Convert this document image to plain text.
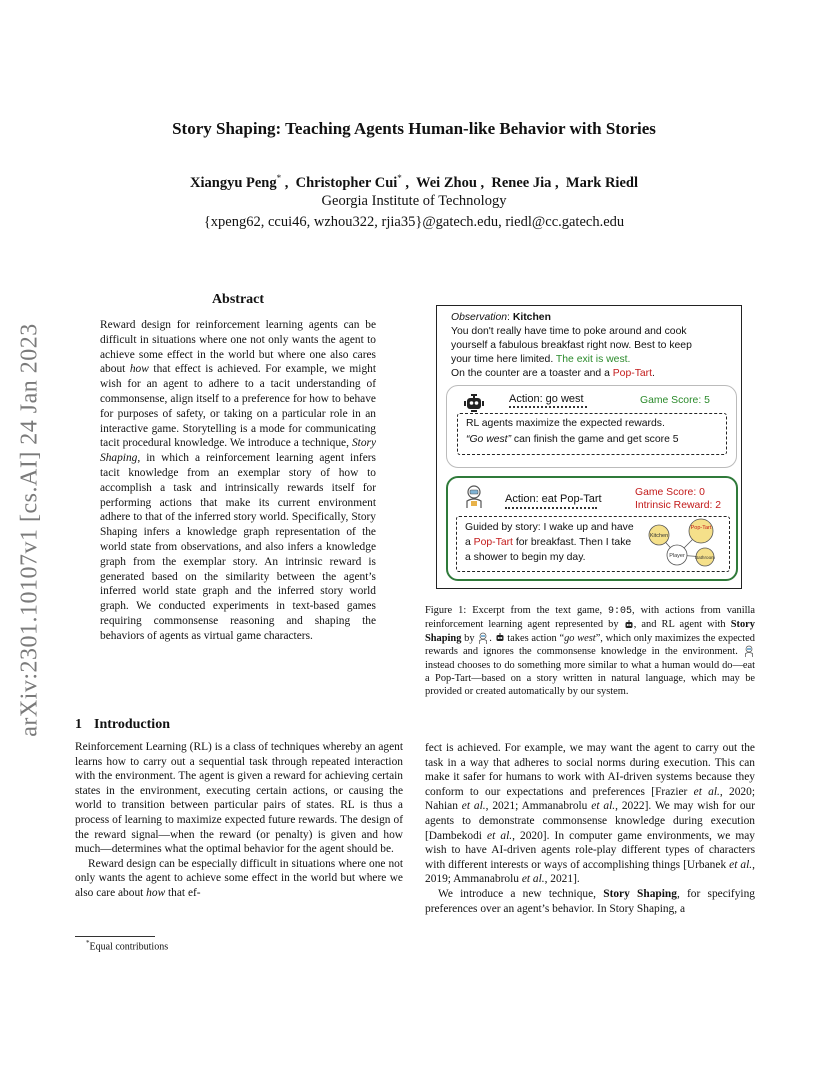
Story Shaping: Teaching Agents Human-like Behavior with Stories
Xiangyu Peng* ,  Christopher Cui* ,  Wei Zhou ,  Renee Jia ,  Mark Riedl
Georgia Institute of Technology
{xpeng62, ccui46, wzhou322, rjia35}@gatech.edu, riedl@cc.gatech.edu
arXiv:2301.10107v1 [cs.AI] 24 Jan 2023
Abstract
Reward design for reinforcement learning agents can be difficult in situations where one not only wants the agent to achieve some effect in the world but where one also cares about how that effect is achieved. For example, we might wish for an agent to adhere to a tacit understanding of commonsense, align itself to a preference for how to behave for purposes of safety, or taking on a particular role in an interactive game. Storytelling is a mode for communicating tacit procedural knowledge. We introduce a technique, Story Shaping, in which a reinforcement learning agent infers tacit knowledge from an exemplar story of how to accomplish a task and intrinsically rewards itself for performing actions that make its current environment adhere to that of the inferred story world. Specifically, Story Shaping infers a knowledge graph representation of the world state from observations, and also infers a knowledge graph from the exemplar story. An intrinsic reward is generated based on the similarity between the agent’s inferred world state graph and the inferred story world graph. We conducted experiments in text-based games requiring commonsense reasoning and shaping the behaviors of agents as virtual game characters.
Observation: Kitchen
You don't really have time to poke around and cook
yourself a fabulous breakfast right now. Best to keep
your time here limited. The exit is west.
On the counter are a toaster and a Pop-Tart.
Action: go west	Game Score: 5
RL agents maximize the expected rewards.
“Go west” can finish the game and get score 5
Action: eat Pop-Tart
Game Score: 0
Intrinsic Reward: 2
Guided by story: I wake up and have
a Pop-Tart for breakfast. Then I take
a shower to begin my day.
Kitchen
Pop-Tart
Player Bathroom
Figure 1: Excerpt from the text game, 9:05, with actions from vanilla reinforcement learning agent represented by , and RL agent with Story Shaping by .  takes action “go west”, which only maximizes the expected rewards and ignores the commonsense knowledge in the environment.  instead chooses to do something more similar to what a human would do—eat a Pop-Tart—based on a story written in natural language, which may be provided or created automatically by our system.
1 Introduction

Reinforcement Learning (RL) is a class of techniques whereby an agent learns how to carry out a sequential task through repeated interaction with the environment. The agent is given a reward for achieving certain states in the environment, executing certain actions, or causing the world to transition between particular pairs of states. RL is thus a process of learning to maximize expected future rewards. The design of the reward signal—when the reward (or penalty) is given and how much—determines what the optimal behavior for the agent should be.

Reward design can be especially difficult in situations where one not only wants the agent to achieve some effect in the world but where we also care about how that ef-

fect is achieved. For example, we may want the agent to carry out the task in a way that adheres to social norms during execution. This can make it safer for humans to work with AI-driven systems because they conform to our expectations and preferences [Frazier et al., 2020; Nahian et al., 2021; Ammanabrolu et al., 2022]. We may wish for our agents to demonstrate commonsense knowledge during execution [Dambekodi et al., 2020]. In computer game environments, we may wish to have AI-driven agents role-play different types of characters with different interests or ways of accomplishing things [Urbanek et al., 2019; Ammanabrolu et al., 2021].

We introduce a new technique, Story Shaping, for specifying preferences over an agent’s behavior. In Story Shaping, a

*Equal contributions
